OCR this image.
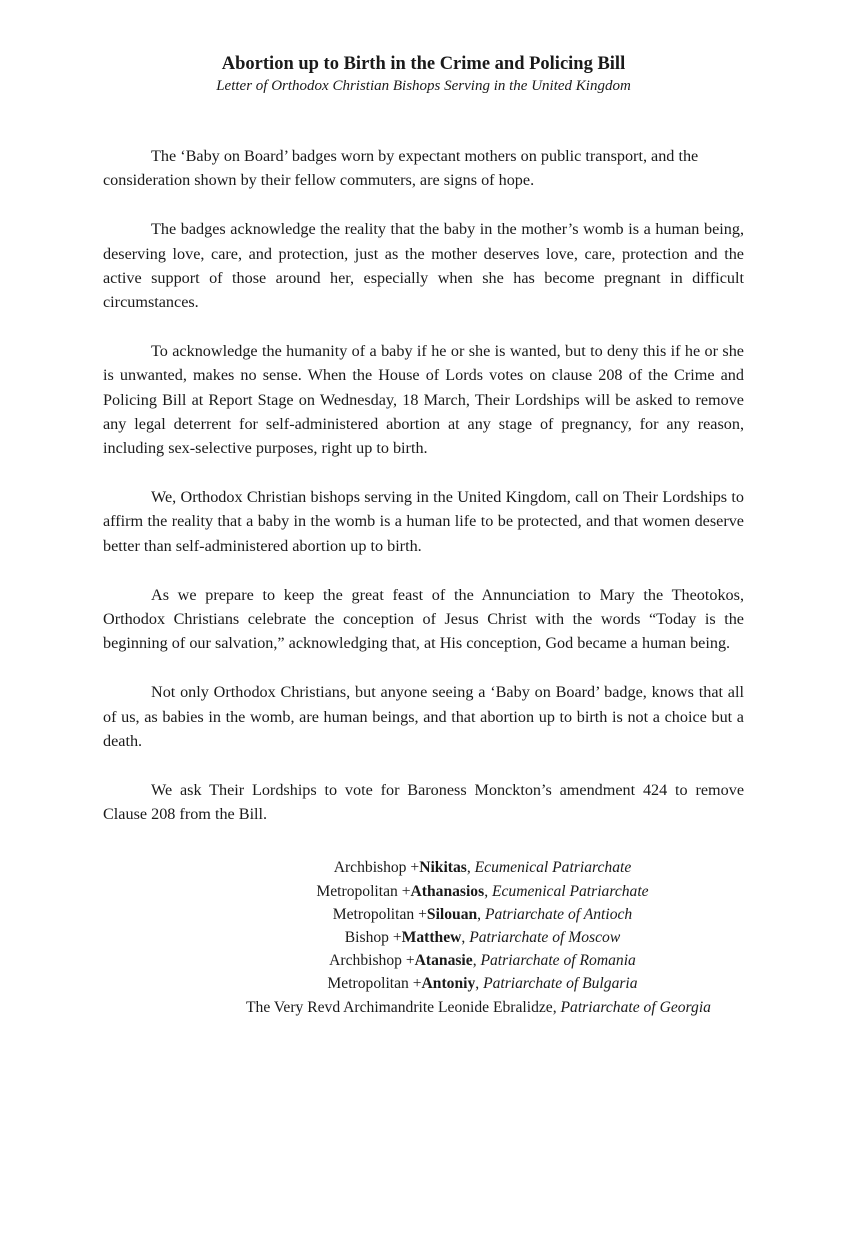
Abortion up to Birth in the Crime and Policing Bill

Letter of Orthodox Christian Bishops Serving in the United Kingdom

The ‘Baby on Board’ badges worn by expectant mothers on public transport, and the consideration shown by their fellow commuters, are signs of hope.

The badges acknowledge the reality that the baby in the mother’s womb is a human being, deserving love, care, and protection, just as the mother deserves love, care, protection and the active support of those around her, especially when she has become pregnant in difficult circumstances.

To acknowledge the humanity of a baby if he or she is wanted, but to deny this if he or she is unwanted, makes no sense. When the House of Lords votes on clause 208 of the Crime and Policing Bill at Report Stage on Wednesday, 18 March, Their Lordships will be asked to remove any legal deterrent for self-administered abortion at any stage of pregnancy, for any reason, including sex-selective purposes, right up to birth.

We, Orthodox Christian bishops serving in the United Kingdom, call on Their Lordships to affirm the reality that a baby in the womb is a human life to be protected, and that women deserve better than self-administered abortion up to birth.

As we prepare to keep the great feast of the Annunciation to Mary the Theotokos, Orthodox Christians celebrate the conception of Jesus Christ with the words “Today is the beginning of our salvation,” acknowledging that, at His conception, God became a human being.

Not only Orthodox Christians, but anyone seeing a ‘Baby on Board’ badge, knows that all of us, as babies in the womb, are human beings, and that abortion up to birth is not a choice but a death.

We ask Their Lordships to vote for Baroness Monckton’s amendment 424 to remove Clause 208 from the Bill.

Archbishop +Nikitas, Ecumenical Patriarchate
Metropolitan +Athanasios, Ecumenical Patriarchate
Metropolitan +Silouan, Patriarchate of Antioch
Bishop +Matthew, Patriarchate of Moscow
Archbishop +Atanasie, Patriarchate of Romania
Metropolitan +Antoniy, Patriarchate of Bulgaria
The Very Revd Archimandrite Leonide Ebralidze, Patriarchate of Georgia
